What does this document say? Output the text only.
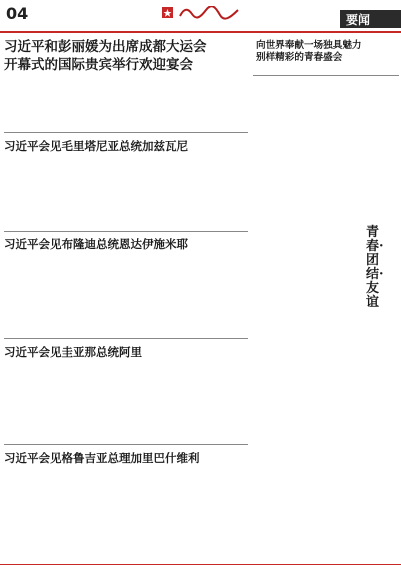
04	要闻
习近平和彭丽媛为出席成都大运会
开幕式的国际贵宾举行欢迎宴会
习近平会见毛里塔尼亚总统加兹瓦尼
习近平会见布隆迪总统恩达伊施米耶
习近平会见圭亚那总统阿里
习近平会见格鲁吉亚总理加里巴什维利
向世界奉献一场独具魅力
别样精彩的青春盛会
青春·团结·友谊
